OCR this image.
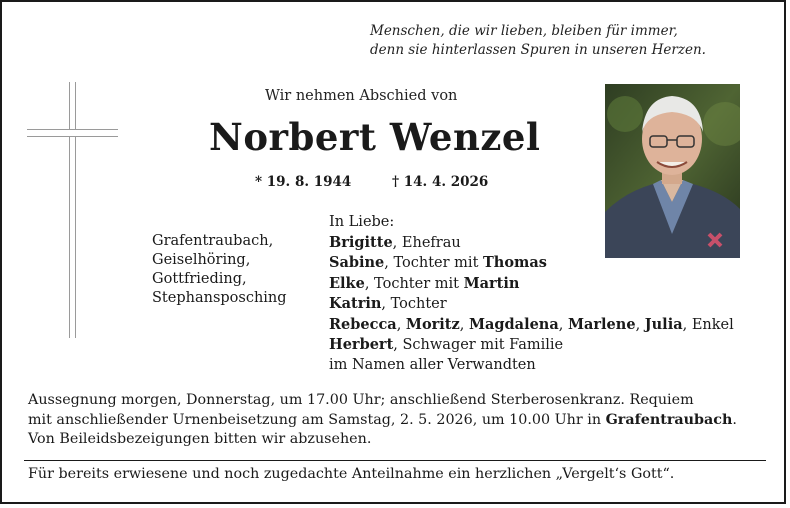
Menschen, die wir lieben, bleiben für immer,
denn sie hinterlassen Spuren in unseren Herzen.
Wir nehmen Abschied von
Norbert Wenzel
* 19. 8. 1944	† 14. 4. 2026
Grafentraubach,
Geiselhöring,
Gottfrieding,
Stephansposching
In Liebe:
Brigitte, Ehefrau
Sabine, Tochter mit Thomas
Elke, Tochter mit Martin
Katrin, Tochter
Rebecca, Moritz, Magdalena, Marlene, Julia, Enkel
Herbert, Schwager mit Familie
im Namen aller Verwandten
Aussegnung morgen, Donnerstag, um 17.00 Uhr; anschließend Sterberosenkranz. Requiem
mit anschließender Urnenbeisetzung am Samstag, 2. 5. 2026, um 10.00 Uhr in Grafentraubach.
Von Beileidsbezeigungen bitten wir abzusehen.
Für bereits erwiesene und noch zugedachte Anteilnahme ein herzlichen „Vergelt‘s Gott“.
